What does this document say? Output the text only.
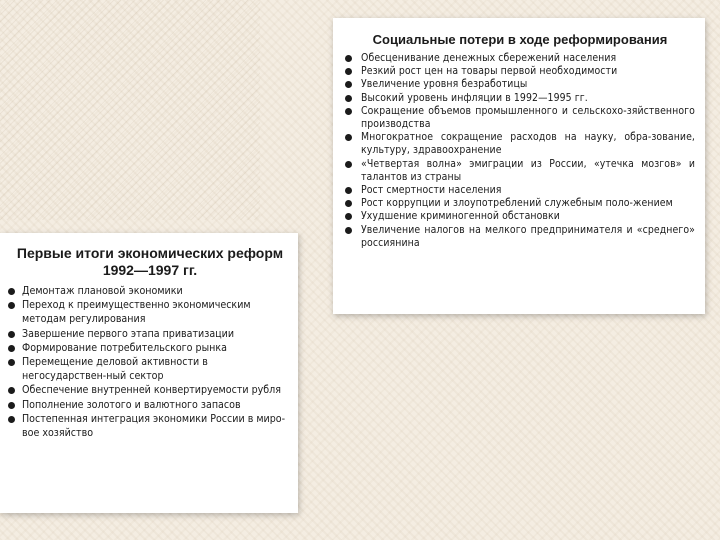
Социальные потери в ходе реформирования
Обесценивание денежных сбережений населения
Резкий рост цен на товары первой необходимости
Увеличение уровня безработицы
Высокий уровень инфляции в 1992—1995 гг.
Сокращение объемов промышленного и сельскохо-зяйственного производства
Многократное сокращение расходов на науку, обра-зование, культуру, здравоохранение
«Четвертая волна» эмиграции из России, «утечка мозгов» и талантов из страны
Рост смертности населения
Рост коррупции и злоупотреблений служебным поло-жением
Ухудшение криминогенной обстановки
Увеличение налогов на мелкого предпринимателя и «среднего» россиянина
Первые итоги экономических реформ
1992—1997 гг.
Демонтаж плановой экономики
Переход к преимущественно экономическим методам регулирования
Завершение первого этапа приватизации
Формирование потребительского рынка
Перемещение деловой активности в негосударствен-ный сектор
Обеспечение внутренней конвертируемости рубля
Пополнение золотого и валютного запасов
Постепенная интеграция экономики России в миро-вое хозяйство
